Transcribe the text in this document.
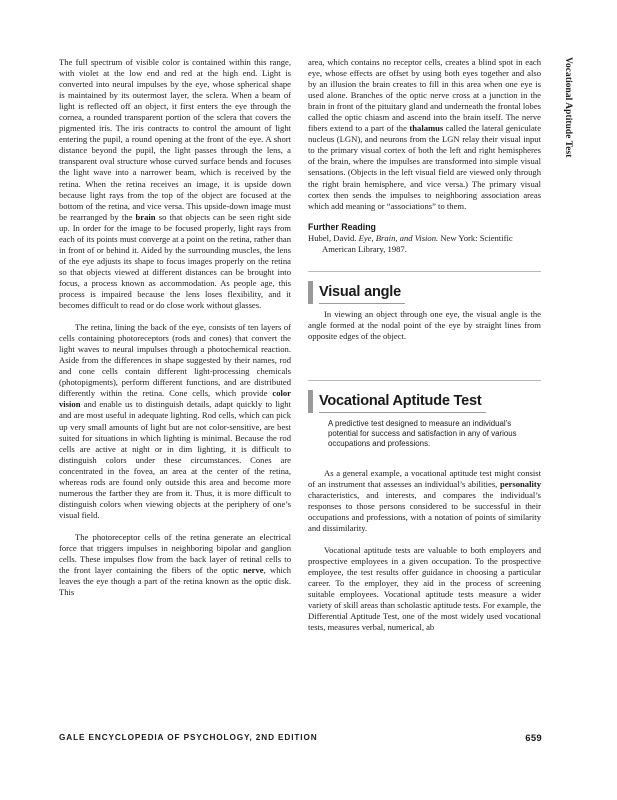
The full spectrum of visible color is contained within this range, with violet at the low end and red at the high end. Light is converted into neural impulses by the eye, whose spherical shape is maintained by its outermost layer, the sclera. When a beam of light is reflected off an object, it first enters the eye through the cornea, a rounded transparent portion of the sclera that covers the pigmented iris. The iris contracts to control the amount of light entering the pupil, a round opening at the front of the eye. A short distance beyond the pupil, the light passes through the lens, a transparent oval structure whose curved surface bends and focuses the light wave into a narrower beam, which is received by the retina. When the retina receives an image, it is upside down because light rays from the top of the object are focused at the bottom of the retina, and vice versa. This upside-down image must be rearranged by the brain so that objects can be seen right side up. In order for the image to be focused properly, light rays from each of its points must converge at a point on the retina, rather than in front of or behind it. Aided by the surrounding muscles, the lens of the eye adjusts its shape to focus images properly on the retina so that objects viewed at different distances can be brought into focus, a process known as accommodation. As people age, this process is impaired because the lens loses flexibility, and it becomes difficult to read or do close work without glasses.

The retina, lining the back of the eye, consists of ten layers of cells containing photoreceptors (rods and cones) that convert the light waves to neural impulses through a photochemical reaction. Aside from the differences in shape suggested by their names, rod and cone cells contain different light-processing chemicals (photopigments), perform different functions, and are distributed differently within the retina. Cone cells, which provide color vision and enable us to distinguish details, adapt quickly to light and are most useful in adequate lighting. Rod cells, which can pick up very small amounts of light but are not color-sensitive, are best suited for situations in which lighting is minimal. Because the rod cells are active at night or in dim lighting, it is difficult to distinguish colors under these circumstances. Cones are concentrated in the fovea, an area at the center of the retina, whereas rods are found only outside this area and become more numerous the farther they are from it. Thus, it is more difficult to distinguish colors when viewing objects at the periphery of one’s visual field.

The photoreceptor cells of the retina generate an electrical force that triggers impulses in neighboring bipolar and ganglion cells. These impulses flow from the back layer of retinal cells to the front layer containing the fibers of the optic nerve, which leaves the eye though a part of the retina known as the optic disk. This

area, which contains no receptor cells, creates a blind spot in each eye, whose effects are offset by using both eyes together and also by an illusion the brain creates to fill in this area when one eye is used alone. Branches of the optic nerve cross at a junction in the brain in front of the pituitary gland and underneath the frontal lobes called the optic chiasm and ascend into the brain itself. The nerve fibers extend to a part of the thalamus called the lateral geniculate nucleus (LGN), and neurons from the LGN relay their visual input to the primary visual cortex of both the left and right hemispheres of the brain, where the impulses are transformed into simple visual sensations. (Objects in the left visual field are viewed only through the right brain hemisphere, and vice versa.) The primary visual cortex then sends the impulses to neighboring association areas which add meaning or “associations” to them.

Further Reading

Hubel, David. Eye, Brain, and Vision. New York: Scientific American Library, 1987.

Visual angle

In viewing an object through one eye, the visual angle is the angle formed at the nodal point of the eye by straight lines from opposite edges of the object.

Vocational Aptitude Test
A predictive test designed to measure an individual’s potential for success and satisfaction in any of various occupations and professions.

As a general example, a vocational aptitude test might consist of an instrument that assesses an individual’s abilities, personality characteristics, and interests, and compares the individual’s responses to those persons considered to be successful in their occupations and professions, with a notation of points of similarity and dissimilarity.

Vocational aptitude tests are valuable to both employers and prospective employees in a given occupation. To the prospective employee, the test results offer guidance in choosing a particular career. To the employer, they aid in the process of screening suitable employees. Vocational aptitude tests measure a wider variety of skill areas than scholastic aptitude tests. For example, the Differential Aptitude Test, one of the most widely used vocational tests, measures verbal, numerical, ab

Vocational Aptitude Test
GALE ENCYCLOPEDIA OF PSYCHOLOGY, 2ND EDITION	659
